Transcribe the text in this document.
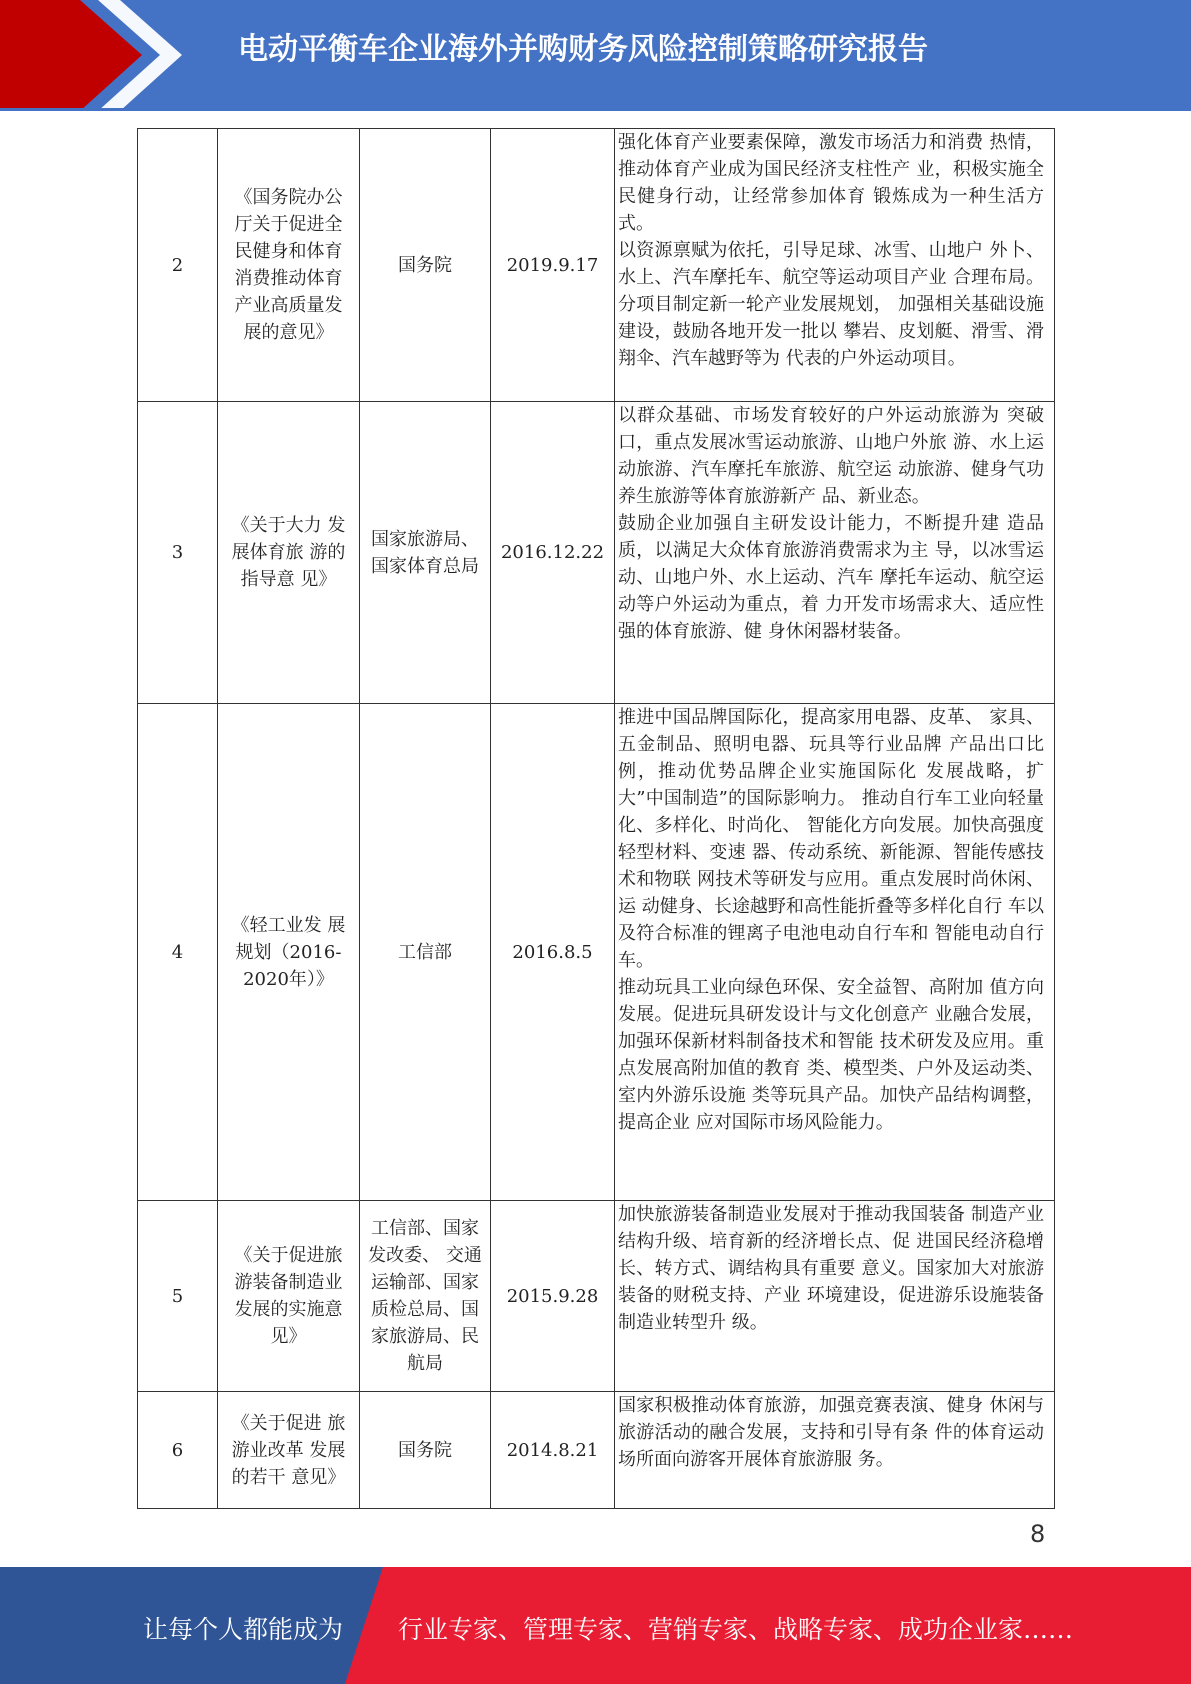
电动平衡车企业海外并购财务风险控制策略研究报告
2	《国务院办公厅关于促进全民健身和体育消费推动体育产业高质量发展的意见》	国务院	2019.9.17	强化体育产业要素保障，激发市场活力和消费 热情，推动体育产业成为国民经济支柱性产 业，积极实施全民健身行动，让经常参加体育 锻炼成为一种生活方式。

以资源禀赋为依托，引导足球、冰雪、山地户 外卜、水上、汽车摩托车、航空等运动项目产业 合理布局。分项目制定新一轮产业发展规划， 加强相关基础设施建设，鼓励各地开发一批以 攀岩、皮划艇、滑雪、滑翔伞、汽车越野等为 代表的户外运动项目。

3	《关于大力 发展体育旅 游的指导意 见》	国家旅游局、国家体育总局	2016.12.22	以群众基础、市场发育较好的户外运动旅游为 突破口，重点发展冰雪运动旅游、山地户外旅 游、水上运动旅游、汽车摩托车旅游、航空运 动旅游、健身气功养生旅游等体育旅游新产 品、新业态。

鼓励企业加强自主研发设计能力，不断提升建 造品质，以满足大众体育旅游消费需求为主 导，以冰雪运动、山地户外、水上运动、汽车 摩托车运动、航空运动等户外运动为重点，着 力开发市场需求大、适应性强的体育旅游、健 身休闲器材装备。

4	《轻工业发 展规划（2016-2020年）》	工信部	2016.8.5	推进中国品牌国际化，提高家用电器、皮革、 家具、五金制品、照明电器、玩具等行业品牌 产品出口比例，推动优势品牌企业实施国际化 发展战略，扩大”中国制造”的国际影响力。 推动自行车工业向轻量化、多样化、时尚化、 智能化方向发展。加快高强度轻型材料、变速 器、传动系统、新能源、智能传感技术和物联 网技术等研发与应用。重点发展时尚休闲、运 动健身、长途越野和高性能折叠等多样化自行 车以及符合标准的锂离子电池电动自行车和 智能电动自行车。

推动玩具工业向绿色环保、安全益智、高附加 值方向发展。促进玩具研发设计与文化创意产 业融合发展，加强环保新材料制备技术和智能 技术研发及应用。重点发展高附加值的教育 类、模型类、户外及运动类、室内外游乐设施 类等玩具产品。加快产品结构调整，提高企业 应对国际市场风险能力。

5	《关于促进旅游装备制造业发展的实施意见》	工信部、国家发改委、 交通运输部、国家质检总局、国家旅游局、民航局	2015.9.28	加快旅游装备制造业发展对于推动我国装备 制造产业结构升级、培育新的经济增长点、促 进国民经济稳增长、转方式、调结构具有重要 意义。国家加大对旅游装备的财税支持、产业 环境建设，促进游乐设施装备制造业转型升 级。

6	《关于促进 旅游业改革 发展的若干 意见》	国务院	2014.8.21	国家积极推动体育旅游，加强竞赛表演、健身 休闲与旅游活动的融合发展，支持和引导有条 件的体育运动场所面向游客开展体育旅游服 务。

8
让每个人都能成为 行业专家、管理专家、营销专家、战略专家、成功企业家……
